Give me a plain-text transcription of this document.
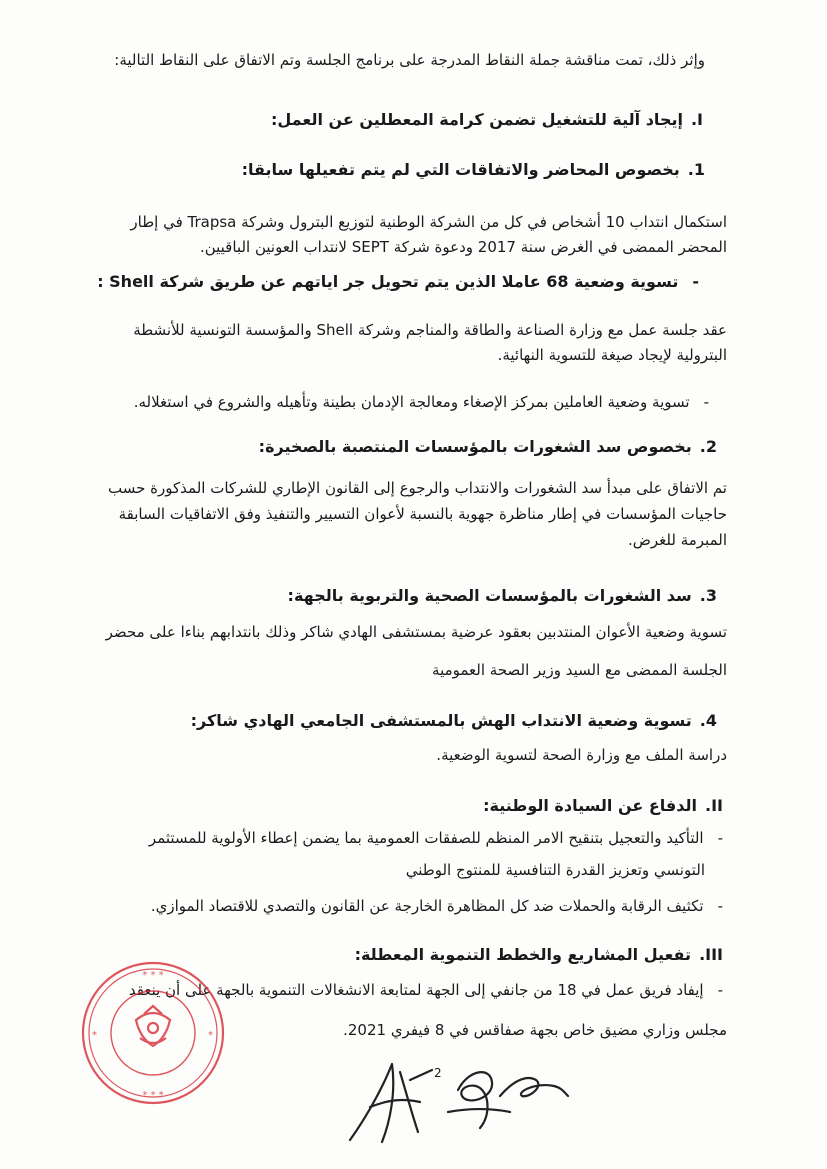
وإثر ذلك، تمت مناقشة جملة النقاط المدرجة على برنامج الجلسة وتم الاتفاق على النقاط التالية:
I.إيجاد آلية للتشغيل تضمن كرامة المعطلين عن العمل:
1.بخصوص المحاضر والاتفاقات التي لم يتم تفعيلها سابقا:
استكمال انتداب 10 أشخاص في كل من الشركة الوطنية لتوزيع البترول وشركة Trapsa في إطار
المحضر الممضى في الغرض سنة 2017 ودعوة شركة SEPT لانتداب العونين الباقيين.
-تسوية وضعية 68 عاملا الذين يتم تحويل جر اياتهم عن طريق شركة Shell :
عقد جلسة عمل مع وزارة الصناعة والطاقة والمناجم وشركة Shell والمؤسسة التونسية للأنشطة
البترولية لإيجاد صيغة للتسوية النهائية.
-تسوية وضعية العاملين بمركز الإصغاء ومعالجة الإدمان بطينة وتأهيله والشروع في استغلاله.
2.بخصوص سد الشغورات بالمؤسسات المنتصبة بالصخيرة:
تم الاتفاق على مبدأ سد الشغورات والانتداب والرجوع إلى القانون الإطاري للشركات المذكورة حسب
حاجيات المؤسسات في إطار مناظرة جهوية بالنسبة لأعوان التسيير والتنفيذ وفق الاتفاقيات السابقة
المبرمة للغرض.
3.سد الشغورات بالمؤسسات الصحية والتربوية بالجهة:
تسوية وضعية الأعوان المنتدبين بعقود عرضية بمستشفى الهادي شاكر وذلك بانتدابهم بناءا على محضر
الجلسة الممضى مع السيد وزير الصحة العمومية
4.تسوية وضعية الانتداب الهش بالمستشفى الجامعي الهادي شاكر:
دراسة الملف مع وزارة الصحة لتسوية الوضعية.
II.الدفاع عن السيادة الوطنية:
-التأكيد والتعجيل بتنقيح الامر المنظم للصفقات العمومية بما يضمن إعطاء الأولوية للمستثمر
التونسي وتعزيز القدرة التنافسية للمنتوج الوطني
-تكثيف الرقابة والحملات ضد كل المظاهرة الخارجة عن القانون والتصدي للاقتصاد الموازي.
III.تفعيل المشاريع والخطط التنموية المعطلة:
-إيفاد فريق عمل في 18 من جانفي إلى الجهة لمتابعة الانشغالات التنموية بالجهة على أن ينعقد
مجلس وزاري مضيق خاص بجهة صفاقس في 8 فيفري 2021.
* * *
*	*
* * *
2
